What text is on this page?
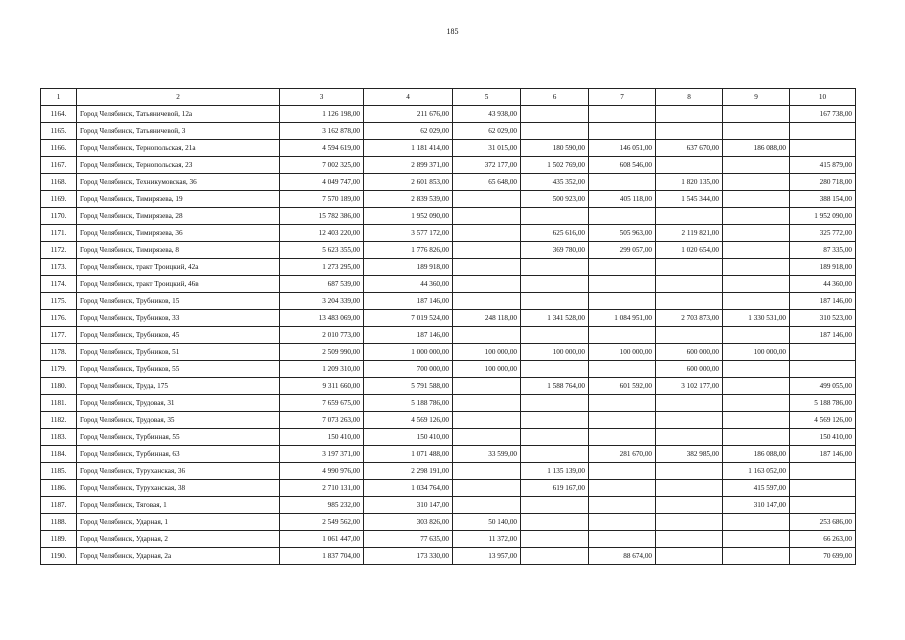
185
1	2	3	4	5	6	7	8	9	10
1164.	Город Челябинск, Татьяничевой, 12а	1 126 198,00	211 676,00	43 938,00					167 738,00
1165.	Город Челябинск, Татьяничевой, 3	3 162 878,00	62 029,00	62 029,00					
1166.	Город Челябинск, Тернопольская, 21а	4 594 619,00	1 181 414,00	31 015,00	180 590,00	146 051,00	637 670,00	186 088,00	
1167.	Город Челябинск, Тернопольская, 23	7 002 325,00	2 899 371,00	372 177,00	1 502 769,00	608 546,00			415 879,00
1168.	Город Челябинск, Техникумовская, 36	4 049 747,00	2 601 853,00	65 648,00	435 352,00		1 820 135,00		280 718,00
1169.	Город Челябинск, Тимирязева, 19	7 570 189,00	2 839 539,00		500 923,00	405 118,00	1 545 344,00		388 154,00
1170.	Город Челябинск, Тимирязева, 28	15 782 386,00	1 952 090,00						1 952 090,00
1171.	Город Челябинск, Тимирязева, 36	12 403 220,00	3 577 172,00		625 616,00	505 963,00	2 119 821,00		325 772,00
1172.	Город Челябинск, Тимирязева, 8	5 623 355,00	1 776 826,00		369 780,00	299 057,00	1 020 654,00		87 335,00
1173.	Город Челябинск, тракт Троицкий, 42а	1 273 295,00	189 918,00						189 918,00
1174.	Город Челябинск, тракт Троицкий, 46в	687 539,00	44 360,00						44 360,00
1175.	Город Челябинск, Трубников, 15	3 204 339,00	187 146,00						187 146,00
1176.	Город Челябинск, Трубников, 33	13 483 069,00	7 019 524,00	248 118,00	1 341 528,00	1 084 951,00	2 703 873,00	1 330 531,00	310 523,00
1177.	Город Челябинск, Трубников, 45	2 010 773,00	187 146,00						187 146,00
1178.	Город Челябинск, Трубников, 51	2 509 990,00	1 000 000,00	100 000,00	100 000,00	100 000,00	600 000,00	100 000,00	
1179.	Город Челябинск, Трубников, 55	1 209 310,00	700 000,00	100 000,00			600 000,00		
1180.	Город Челябинск, Труда, 175	9 311 660,00	5 791 588,00		1 588 764,00	601 592,00	3 102 177,00		499 055,00
1181.	Город Челябинск, Трудовая, 31	7 659 675,00	5 188 786,00						5 188 786,00
1182.	Город Челябинск, Трудовая, 35	7 073 263,00	4 569 126,00						4 569 126,00
1183.	Город Челябинск, Турбинная, 55	150 410,00	150 410,00						150 410,00
1184.	Город Челябинск, Турбинная, 63	3 197 371,00	1 071 488,00	33 599,00		281 670,00	382 985,00	186 088,00	187 146,00
1185.	Город Челябинск, Туруханская, 36	4 990 976,00	2 298 191,00		1 135 139,00			1 163 052,00	
1186.	Город Челябинск, Туруханская, 38	2 710 131,00	1 034 764,00		619 167,00			415 597,00	
1187.	Город Челябинск, Тяговая, 1	985 232,00	310 147,00					310 147,00	
1188.	Город Челябинск, Ударная, 1	2 549 562,00	303 826,00	50 140,00					253 686,00
1189.	Город Челябинск, Ударная, 2	1 061 447,00	77 635,00	11 372,00					66 263,00
1190.	Город Челябинск, Ударная, 2а	1 837 704,00	173 330,00	13 957,00		88 674,00			70 699,00
